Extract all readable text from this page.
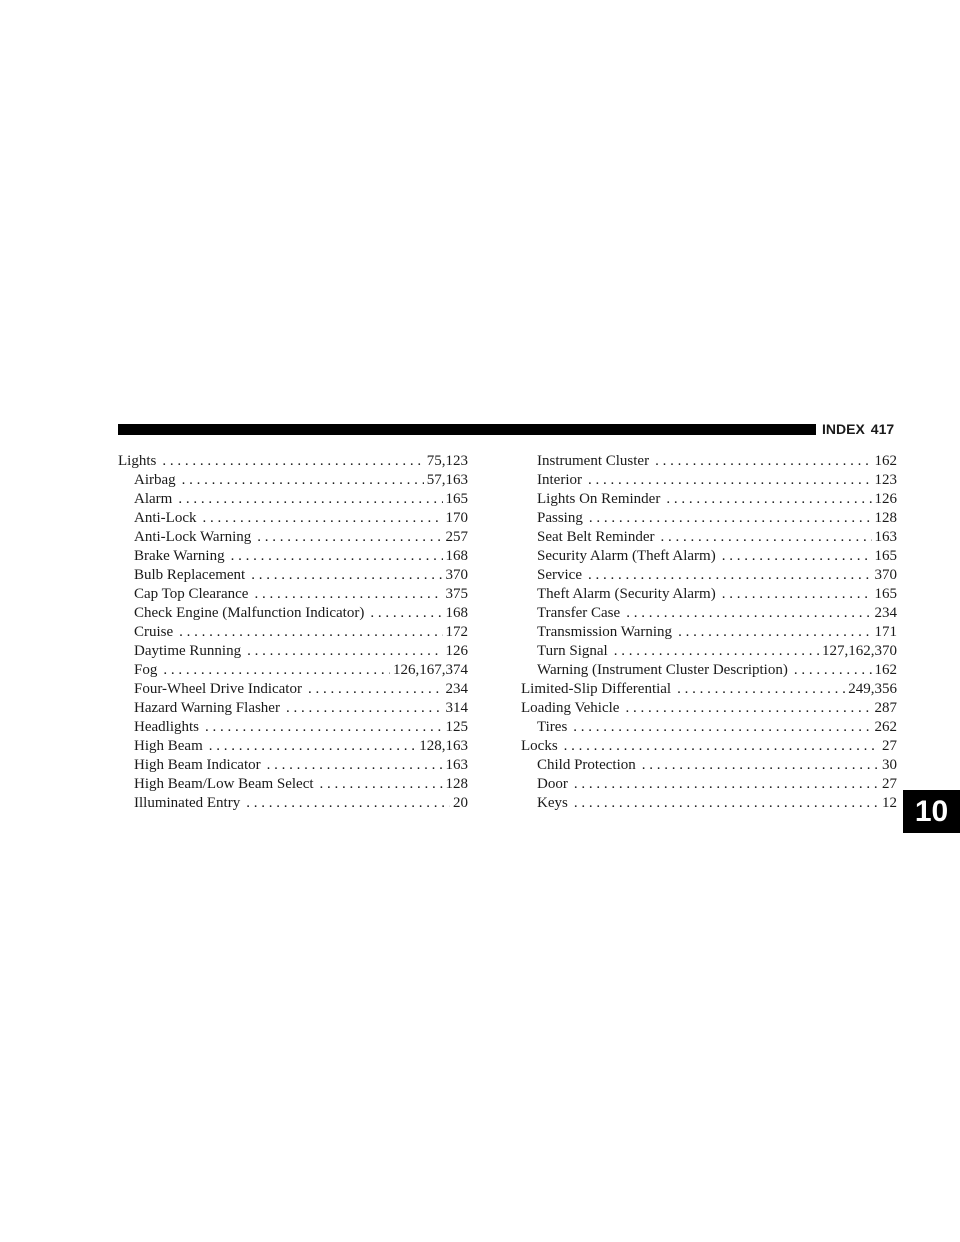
INDEX 417
Lights . . .	75,123
Airbag . . .	57,163
Alarm . . .	165
Anti-Lock . . .	170
Anti-Lock Warning . . .	257
Brake Warning . . .	168
Bulb Replacement . . .	370
Cap Top Clearance . . .	375
Check Engine (Malfunction Indicator) . . .	168
Cruise . . .	172
Daytime Running . . .	126
Fog . . .	126,167,374
Four-Wheel Drive Indicator . . .	234
Hazard Warning Flasher . . .	314
Headlights . . .	125
High Beam . . .	128,163
High Beam Indicator . . .	163
High Beam/Low Beam Select . . .	128
Illuminated Entry . . .	20
Instrument Cluster . . .	162
Interior . . .	123
Lights On Reminder . . .	126
Passing . . .	128
Seat Belt Reminder . . .	163
Security Alarm (Theft Alarm) . . .	165
Service . . .	370
Theft Alarm (Security Alarm) . . .	165
Transfer Case . . .	234
Transmission Warning . . .	171
Turn Signal . . .	127,162,370
Warning (Instrument Cluster Description) . . .	162
Limited-Slip Differential . . .	249,356
Loading Vehicle . . .	287
Tires . . .	262
Locks . . .	27
Child Protection . . .	30
Door . . .	27
Keys . . .	12 10
